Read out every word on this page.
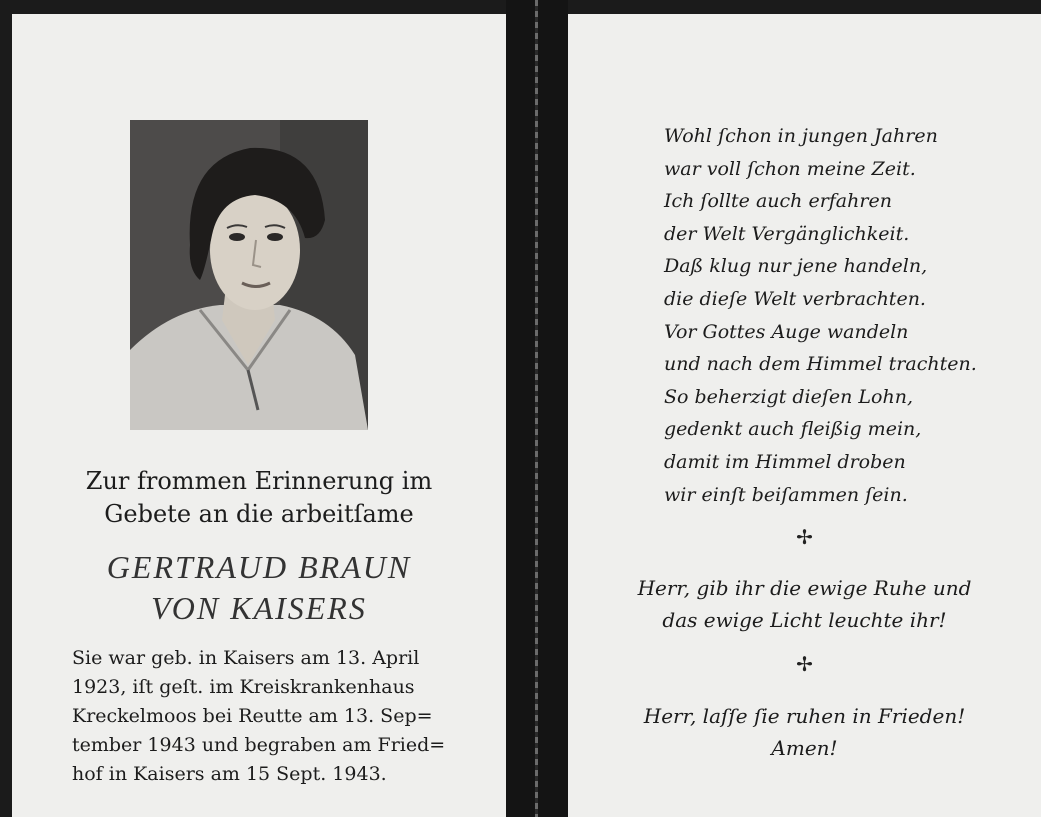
Zur frommen Erinnerung im
Gebete an die arbeitſame
GERTRAUD BRAUN
VON KAISERS
Sie war geb. in Kaisers am 13. April
1923, iſt geſt. im Kreiskrankenhaus
Kreckelmoos bei Reutte am 13. Sep=
tember 1943 und begraben am Fried=
hof in Kaisers am 15 Sept. 1943.
Wohl ſchon in jungen Jahren
war voll ſchon meine Zeit.
Ich ſollte auch erfahren
der Welt Vergänglichkeit.
Daß klug nur jene handeln,
die dieſe Welt verbrachten.
Vor Gottes Auge wandeln
und nach dem Himmel trachten.
So beherzigt dieſen Lohn,
gedenkt auch fleißig mein,
damit im Himmel droben
wir einſt beiſammen ſein.
✢
Herr, gib ihr die ewige Ruhe und
das ewige Licht leuchte ihr!
✢
Herr, laſſe ſie ruhen in Frieden!
Amen!
